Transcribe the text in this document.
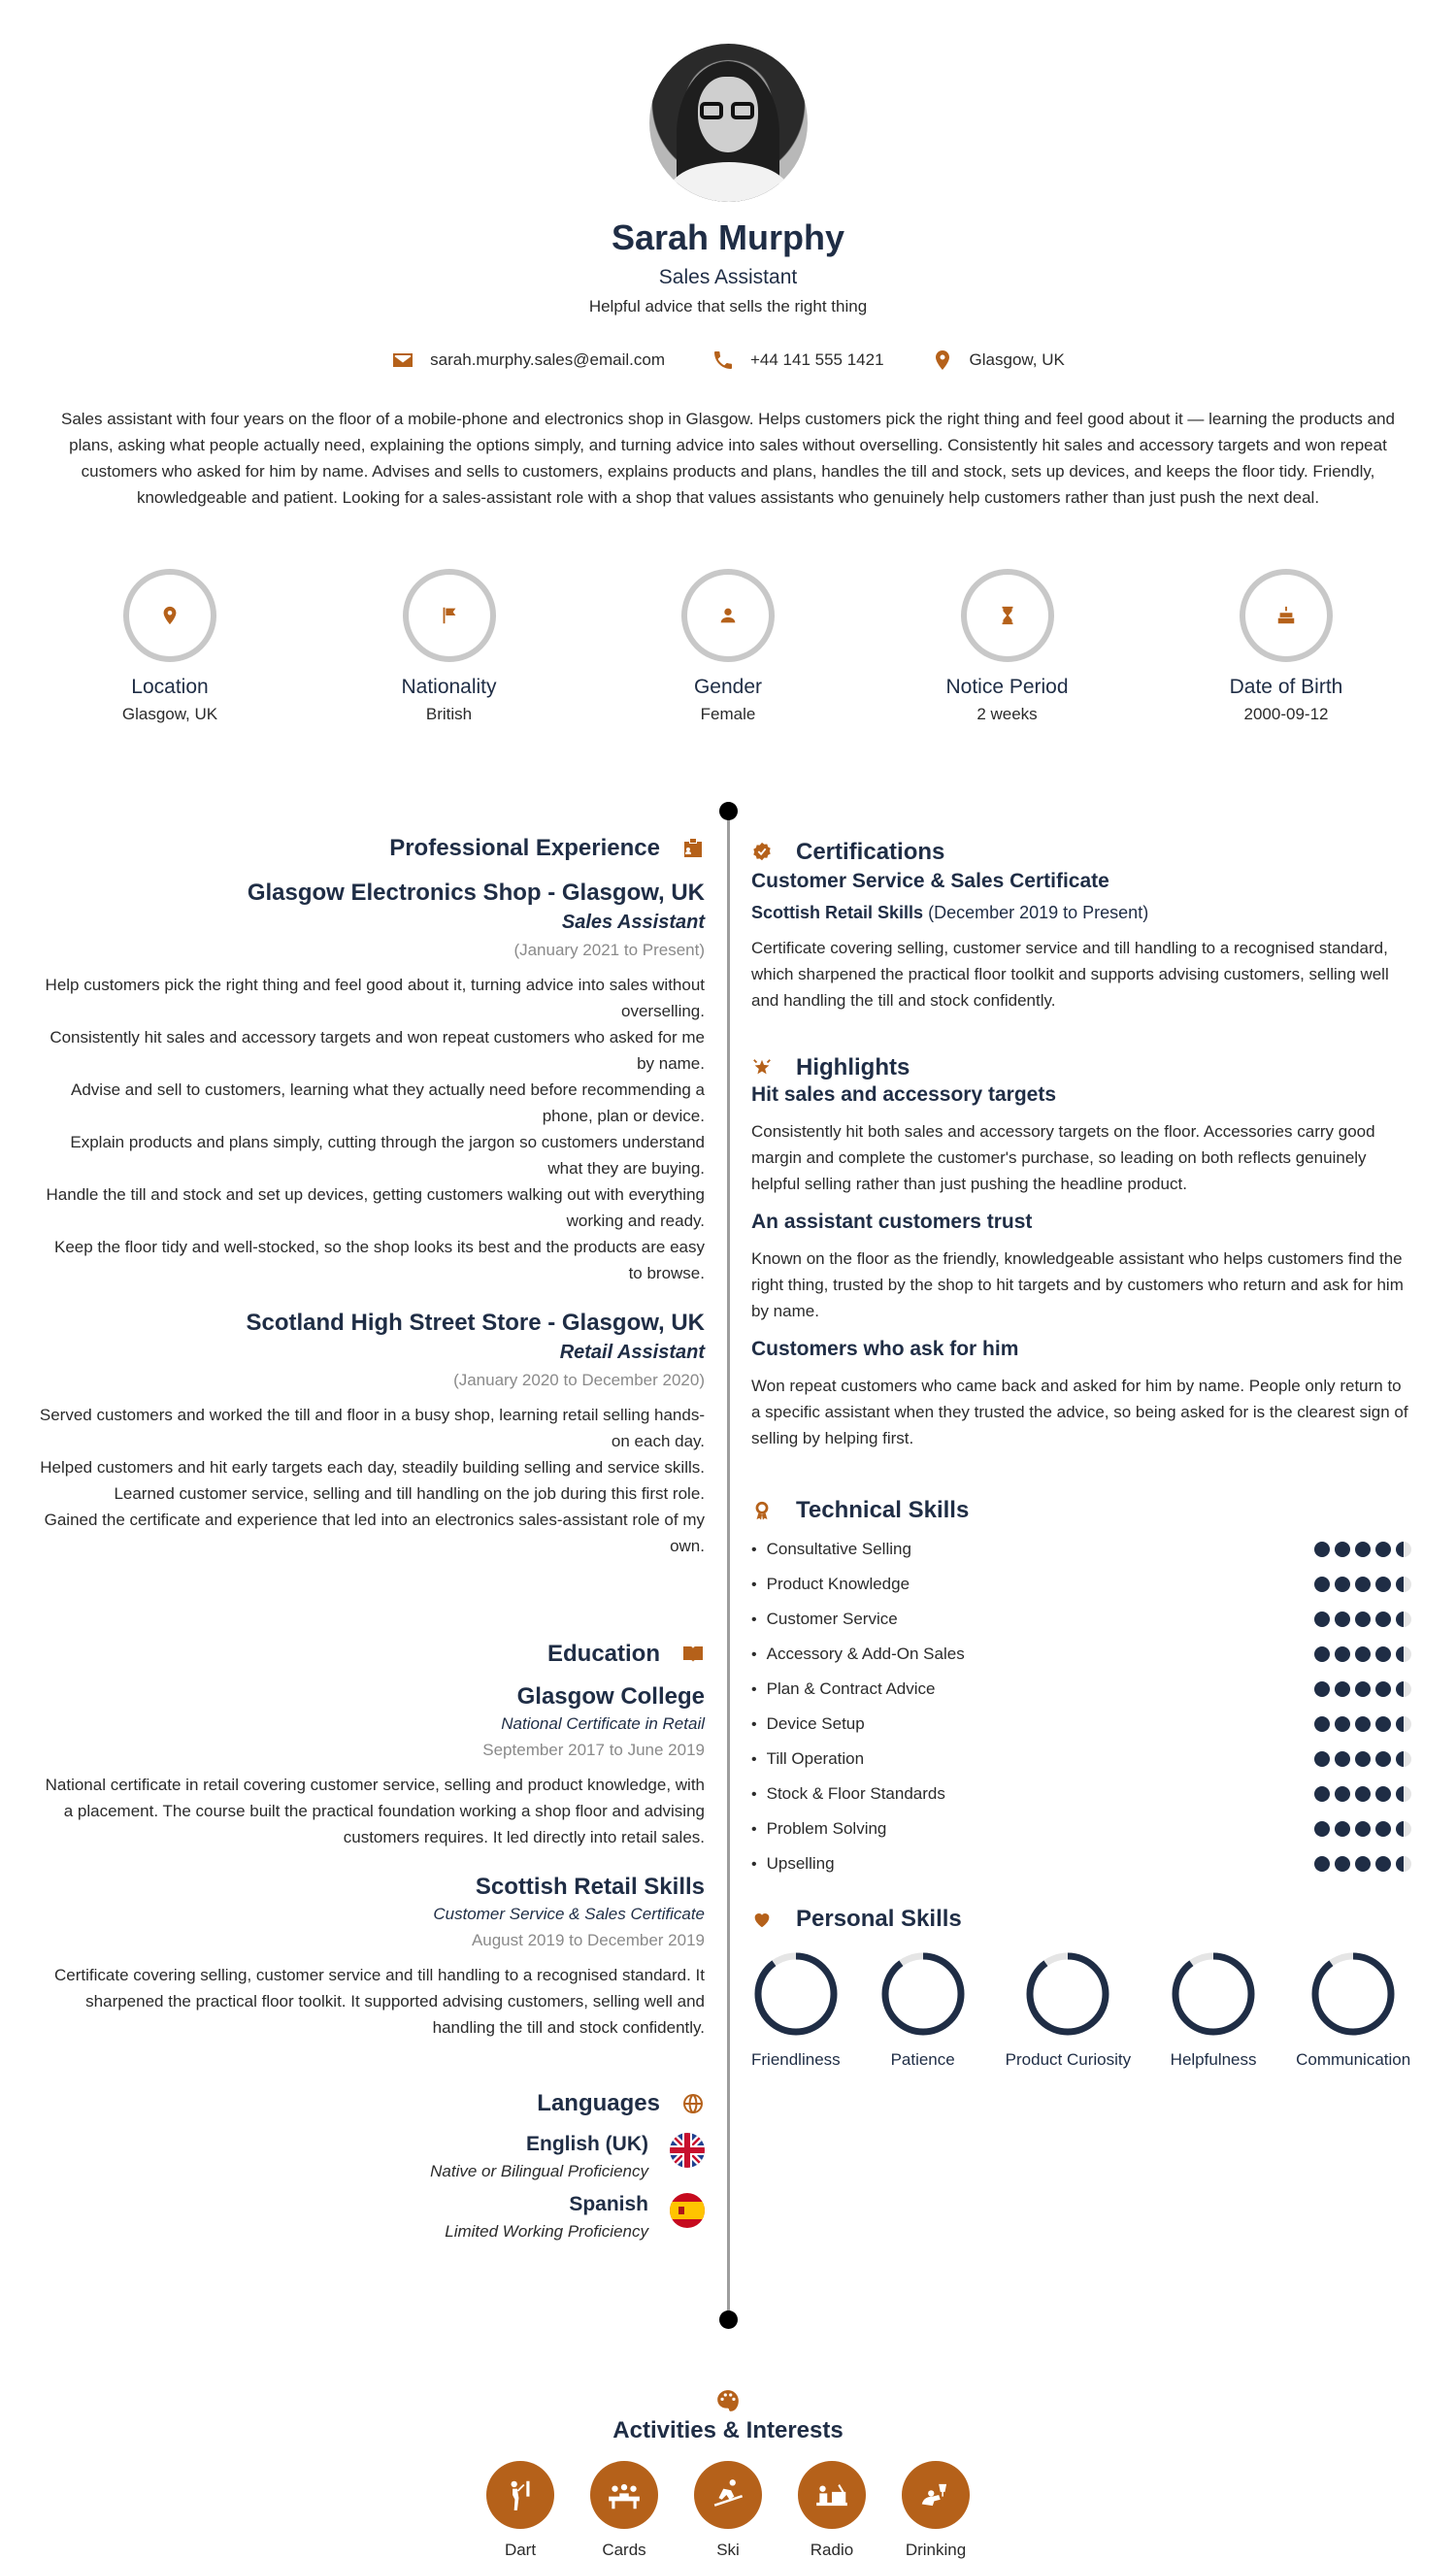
Sarah Murphy
Sales Assistant
Helpful advice that sells the right thing
sarah.murphy.sales@email.com	+44 141 555 1421	Glasgow, UK
Sales assistant with four years on the floor of a mobile-phone and electronics shop in Glasgow. Helps customers pick the right thing and feel good about it — learning the products and plans, asking what people actually need, explaining the options simply, and turning advice into sales without overselling. Consistently hit sales and accessory targets and won repeat customers who asked for him by name. Advises and sells to customers, explains products and plans, handles the till and stock, sets up devices, and keeps the floor tidy. Friendly, knowledgeable and patient. Looking for a sales-assistant role with a shop that values assistants who genuinely help customers rather than just push the next deal.
Location
Glasgow, UK
Nationality
British
Gender
Female
Notice Period
2 weeks
Date of Birth
2000-09-12
Professional Experience
Glasgow Electronics Shop - Glasgow, UK
Sales Assistant
(January 2021 to Present)
Help customers pick the right thing and feel good about it, turning advice into sales without overselling.
Consistently hit sales and accessory targets and won repeat customers who asked for me by name.
Advise and sell to customers, learning what they actually need before recommending a phone, plan or device.
Explain products and plans simply, cutting through the jargon so customers understand what they are buying.
Handle the till and stock and set up devices, getting customers walking out with everything working and ready.
Keep the floor tidy and well-stocked, so the shop looks its best and the products are easy to browse.
Scotland High Street Store - Glasgow, UK
Retail Assistant
(January 2020 to December 2020)
Served customers and worked the till and floor in a busy shop, learning retail selling hands-on each day.
Helped customers and hit early targets each day, steadily building selling and service skills.
Learned customer service, selling and till handling on the job during this first role.
Gained the certificate and experience that led into an electronics sales-assistant role of my own.
Education
Glasgow College
National Certificate in Retail
September 2017 to June 2019
National certificate in retail covering customer service, selling and product knowledge, with a placement. The course built the practical foundation working a shop floor and advising customers requires. It led directly into retail sales.
Scottish Retail Skills
Customer Service & Sales Certificate
August 2019 to December 2019
Certificate covering selling, customer service and till handling to a recognised standard. It sharpened the practical floor toolkit. It supported advising customers, selling well and handling the till and stock confidently.
Languages
English (UK)
Native or Bilingual Proficiency
Spanish
Limited Working Proficiency
Certifications
Customer Service & Sales Certificate
Scottish Retail Skills (December 2019 to Present)
Certificate covering selling, customer service and till handling to a recognised standard, which sharpened the practical floor toolkit and supports advising customers, selling well and handling the till and stock confidently.
Highlights
Hit sales and accessory targets
Consistently hit both sales and accessory targets on the floor. Accessories carry good margin and complete the customer's purchase, so leading on both reflects genuinely helpful selling rather than just pushing the headline product.
An assistant customers trust
Known on the floor as the friendly, knowledgeable assistant who helps customers find the right thing, trusted by the shop to hit targets and by customers who return and ask for him by name.
Customers who ask for him
Won repeat customers who came back and asked for him by name. People only return to a specific assistant when they trusted the advice, so being asked for is the clearest sign of selling by helping first.
Technical Skills
• Consultative Selling
• Product Knowledge
• Customer Service
• Accessory & Add-On Sales
• Plan & Contract Advice
• Device Setup
• Till Operation
• Stock & Floor Standards
• Problem Solving
• Upselling
Personal Skills
Friendliness	Patience	Product Curiosity Helpfulness Communication
Activities & Interests
Dart	Cards	Ski	Radio	Drinking
